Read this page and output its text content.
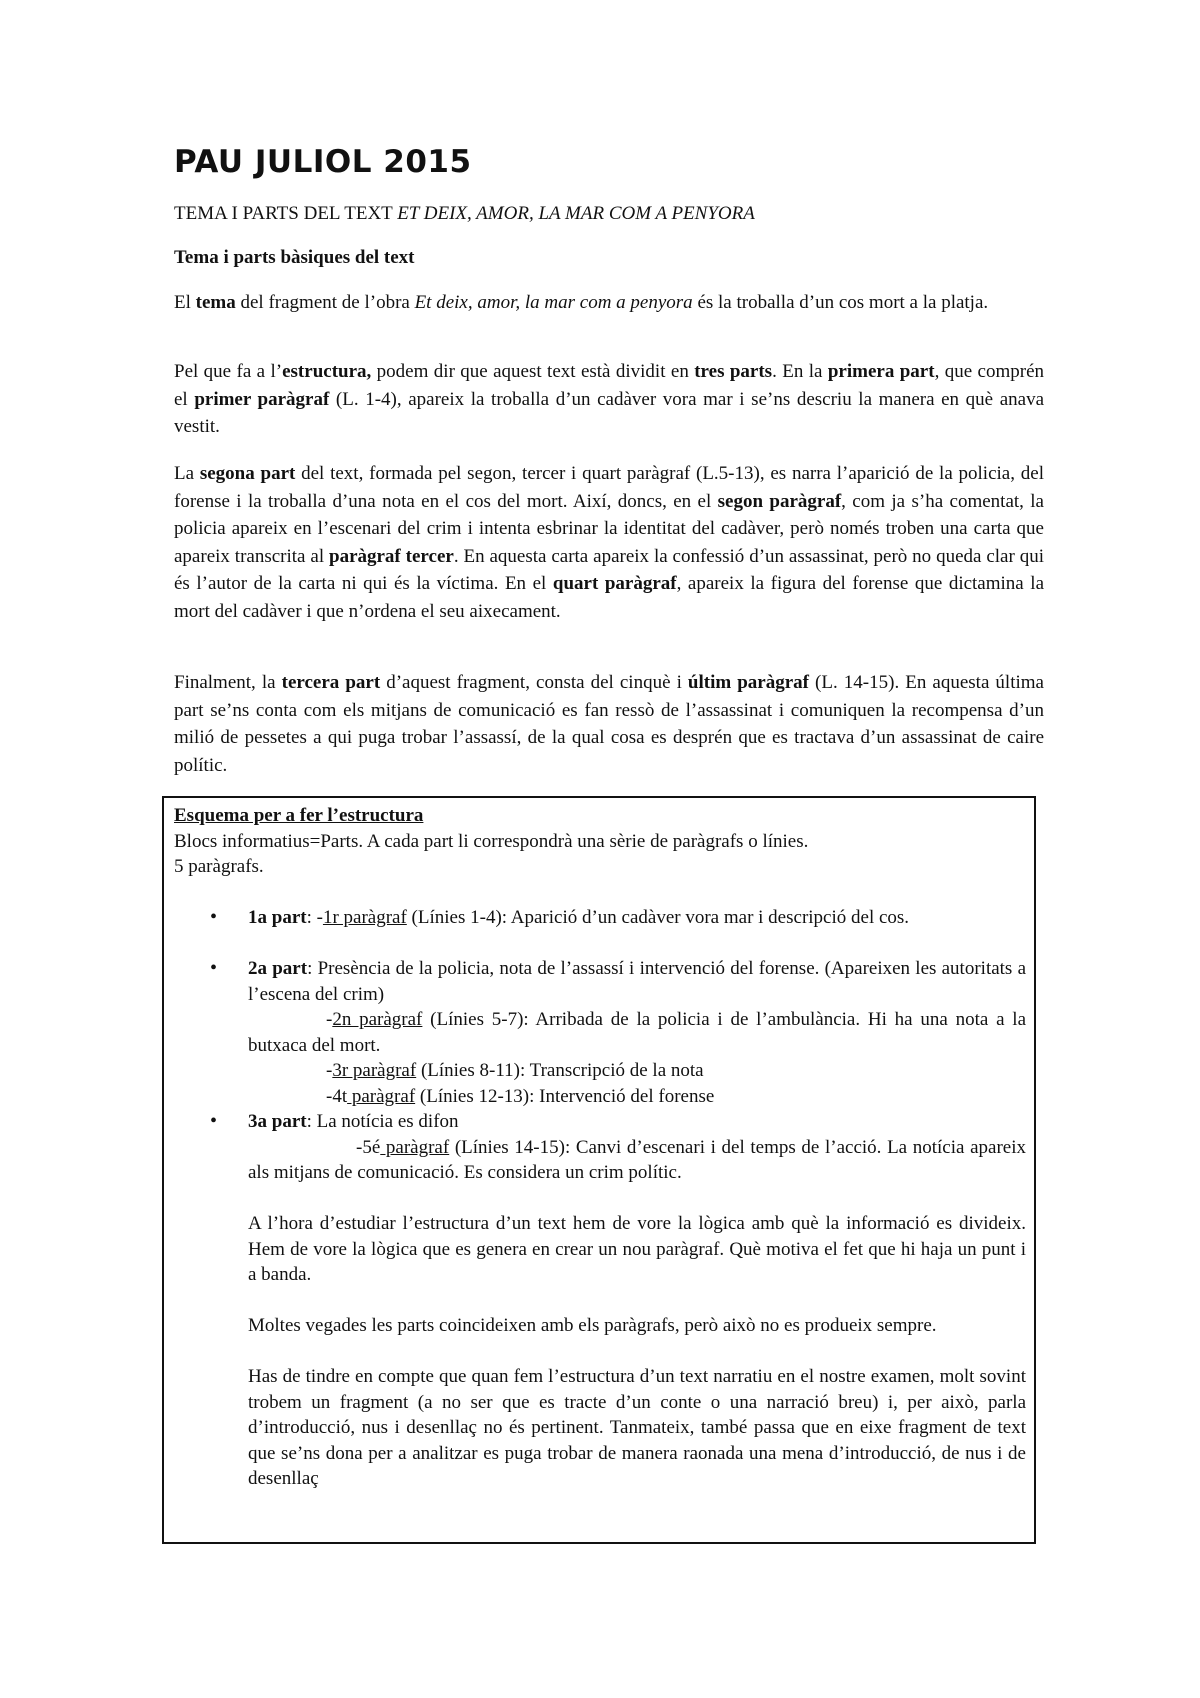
PAU JULIOL 2015

TEMA I PARTS DEL TEXT ET DEIX, AMOR, LA MAR COM A PENYORA

Tema i parts bàsiques del text

El tema del fragment de l’obra Et deix, amor, la mar com a penyora és la troballa d’un cos mort a la platja.

Pel que fa a l’estructura, podem dir que aquest text està dividit en tres parts. En la primera part, que comprén el primer paràgraf (L. 1-4), apareix la troballa d’un cadàver vora mar i se’ns descriu la manera en què anava vestit.

La segona part del text, formada pel segon, tercer i quart paràgraf (L.5-13), es narra l’aparició de la policia, del forense i la troballa d’una nota en el cos del mort. Així, doncs, en el segon paràgraf, com ja s’ha comentat, la policia apareix en l’escenari del crim i intenta esbrinar la identitat del cadàver, però només troben una carta que apareix transcrita al paràgraf tercer. En aquesta carta apareix la confessió d’un assassinat, però no queda clar qui és l’autor de la carta ni qui és la víctima. En el quart paràgraf, apareix la figura del forense que dictamina la mort del cadàver i que n’ordena el seu aixecament.

Finalment, la tercera part d’aquest fragment, consta del cinquè i últim paràgraf (L. 14-15). En aquesta última part se’ns conta com els mitjans de comunicació es fan ressò de l’assassinat i comuniquen la recompensa d’un milió de pessetes a qui puga trobar l’assassí, de la qual cosa es desprén que es tractava d’un assassinat de caire polític.

Esquema per a fer l’estructura

Blocs informatius=Parts. A cada part li correspondrà una sèrie de paràgrafs o línies.

5 paràgrafs.

• 1a part: -1r paràgraf (Línies 1-4): Aparició d’un cadàver vora mar i descripció del cos.
• 2a part: Presència de la policia, nota de l’assassí i intervenció del forense. (Apareixen les autoritats a l’escena del crim)
-2n paràgraf (Línies 5-7): Arribada de la policia i de l’ambulància. Hi ha una nota a la butxaca del mort.
-3r paràgraf (Línies 8-11): Transcripció de la nota
-4t paràgraf (Línies 12-13): Intervenció del forense
• 3a part: La notícia es difon
-5é paràgraf (Línies 14-15): Canvi d’escenari i del temps de l’acció. La notícia apareix als mitjans de comunicació. Es considera un crim polític.

A l’hora d’estudiar l’estructura d’un text hem de vore la lògica amb què la informació es divideix. Hem de vore la lògica que es genera en crear un nou paràgraf. Què motiva el fet que hi haja un punt i a banda.

Moltes vegades les parts coincideixen amb els paràgrafs, però això no es produeix sempre.

Has de tindre en compte que quan fem l’estructura d’un text narratiu en el nostre examen, molt sovint trobem un fragment (a no ser que es tracte d’un conte o una narració breu) i, per això, parla d’introducció, nus i desenllaç no és pertinent. Tanmateix, també passa que en eixe fragment de text que se’ns dona per a analitzar es puga trobar de manera raonada una mena d’introducció, de nus i de desenllaç
